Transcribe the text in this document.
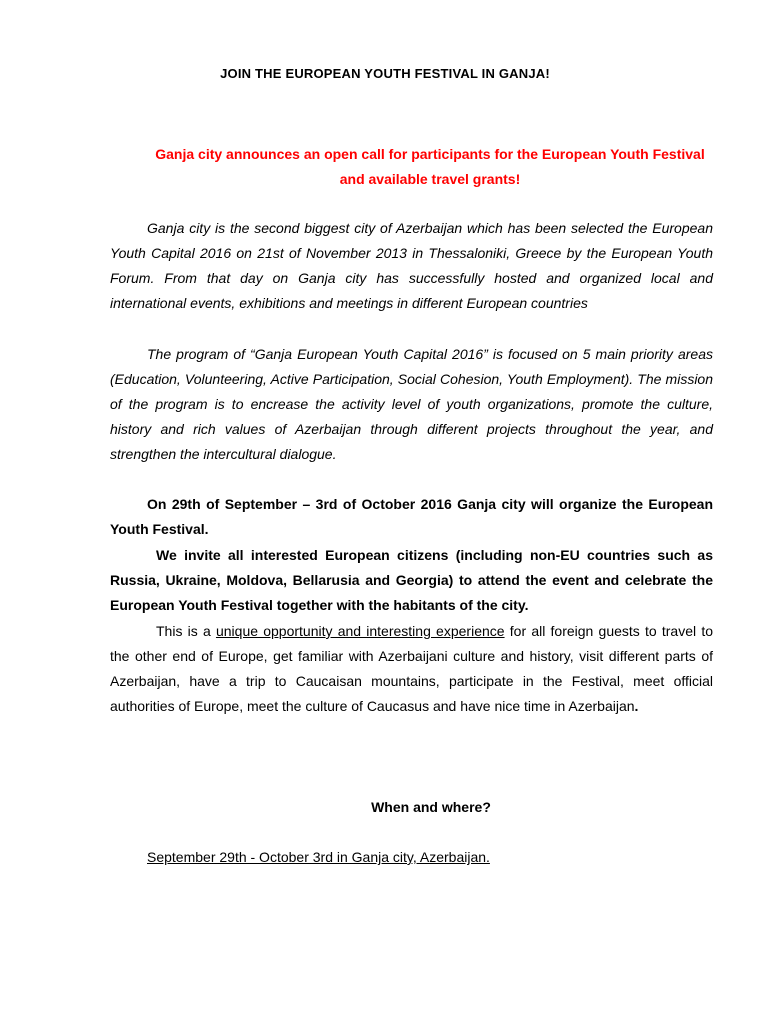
JOIN THE EUROPEAN YOUTH FESTIVAL IN GANJA!
Ganja city announces an open call for participants for the European Youth Festival and available travel grants!

Ganja city is the second biggest city of Azerbaijan which has been selected the European Youth Capital 2016 on 21st of November 2013 in Thessaloniki, Greece by the European Youth Forum. From that day on Ganja city has successfully hosted and organized local and international events, exhibitions and meetings in different European countries

The program of “Ganja European Youth Capital 2016” is focused on 5 main priority areas (Education, Volunteering, Active Participation, Social Cohesion, Youth Employment). The mission of the program is to encrease the activity level of youth organizations, promote the culture, history and rich values of Azerbaijan through different projects throughout the year, and strengthen the intercultural dialogue.

On 29th of September – 3rd of October 2016 Ganja city will organize the European Youth Festival.

We invite all interested European citizens (including non-EU countries such as Russia, Ukraine, Moldova, Bellarusia and Georgia) to attend the event and celebrate the European Youth Festival together with the habitants of the city.

This is a unique opportunity and interesting experience for all foreign guests to travel to the other end of Europe, get familiar with Azerbaijani culture and history, visit different parts of Azerbaijan, have a trip to Caucaisan mountains, participate in the Festival, meet official authorities of Europe, meet the culture of Caucasus and have nice time in Azerbaijan.

When and where?
September 29th - October 3rd in Ganja city, Azerbaijan.
